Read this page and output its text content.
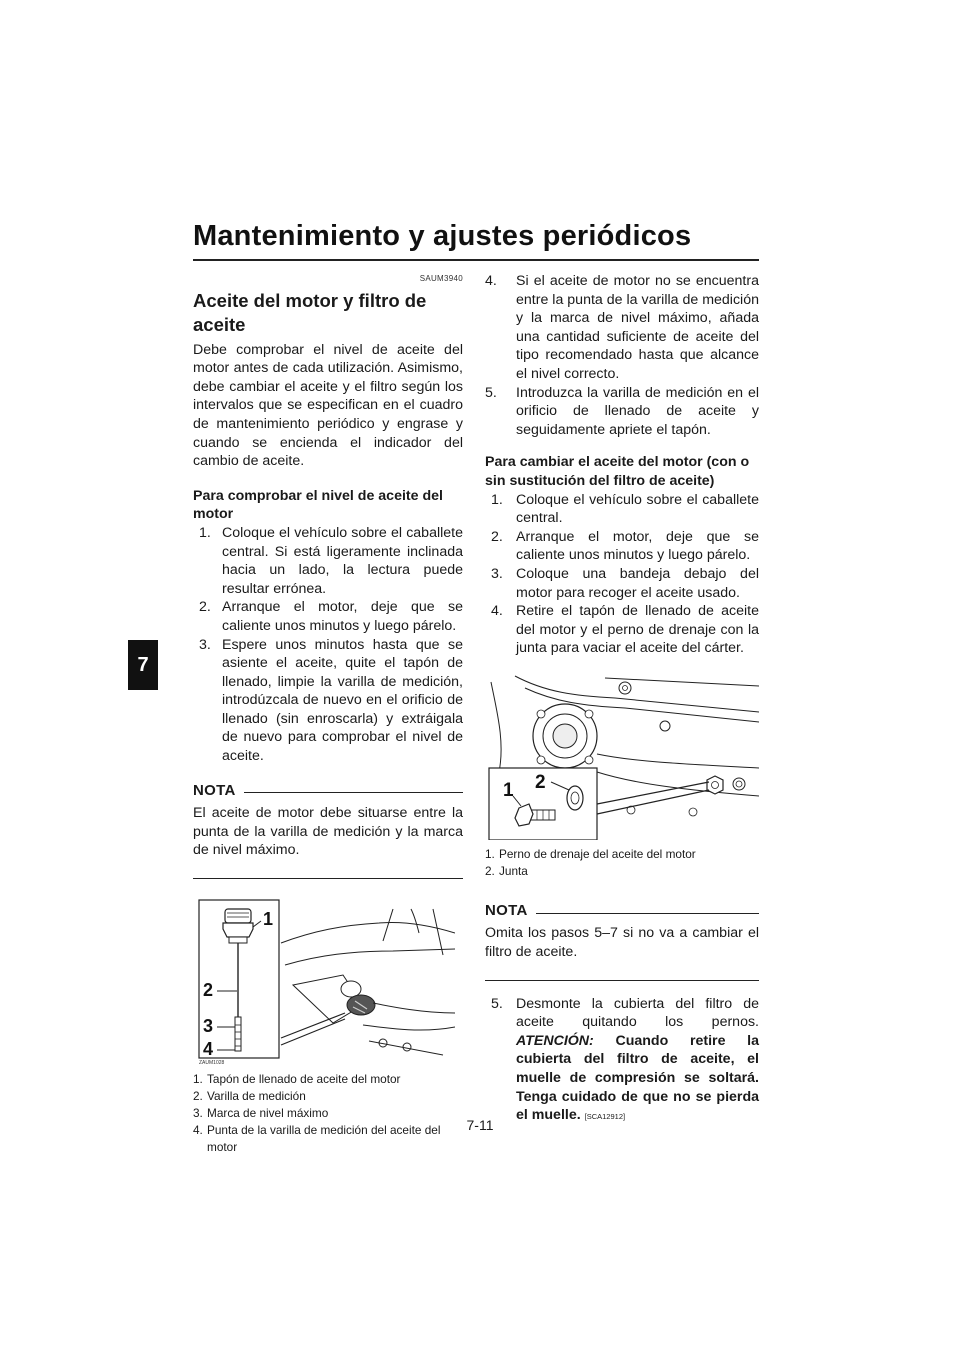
Mantenimiento y ajustes periódicos
7
SAUM3940
Aceite del motor y filtro de aceite

Debe comprobar el nivel de aceite del motor antes de cada utilización. Asimismo, debe cambiar el aceite y el filtro según los intervalos que se especifican en el cuadro de mantenimiento periódico y engrase y cuando se encienda el indicador del cambio de aceite.

Para comprobar el nivel de aceite del motor

1. Coloque el vehículo sobre el caballete central. Si está ligeramente inclinada hacia un lado, la lectura puede resultar errónea.
2. Arranque el motor, deje que se caliente unos minutos y luego párelo.
3. Espere unos minutos hasta que se asiente el aceite, quite el tapón de llenado, limpie la varilla de medición, introdúzcala de nuevo en el orificio de llenado (sin enroscarla) y extráigala de nuevo para comprobar el nivel de aceite.
NOTA

El aceite de motor debe situarse entre la punta de la varilla de medición y la marca de nivel máximo.

1
2
3
4
ZAUM1028
1. Tapón de llenado de aceite del motor
2. Varilla de medición
3. Marca de nivel máximo
4. Punta de la varilla de medición del aceite del motor
4. Si el aceite de motor no se encuentra entre la punta de la varilla de medición y la marca de nivel máximo, añada una cantidad suficiente de aceite del tipo recomendado hasta que alcance el nivel correcto.
5. Introduzca la varilla de medición en el orificio de llenado de aceite y seguidamente apriete el tapón.

Para cambiar el aceite del motor (con o sin sustitución del filtro de aceite)

1. Coloque el vehículo sobre el caballete central.
2. Arranque el motor, deje que se caliente unos minutos y luego párelo.
3. Coloque una bandeja debajo del motor para recoger el aceite usado.
4. Retire el tapón de llenado de aceite del motor y el perno de drenaje con la junta para vaciar el aceite del cárter.
1 2
1. Perno de drenaje del aceite del motor
2. Junta
NOTA

Omita los pasos 5–7 si no va a cambiar el filtro de aceite.

5. Desmonte la cubierta del filtro de aceite quitando los pernos. ATENCIÓN: Cuando retire la cubierta del filtro de aceite, el muelle de compresión se soltará. Tenga cuidado de que no se pierda el muelle. [SCA12912]
7-11
